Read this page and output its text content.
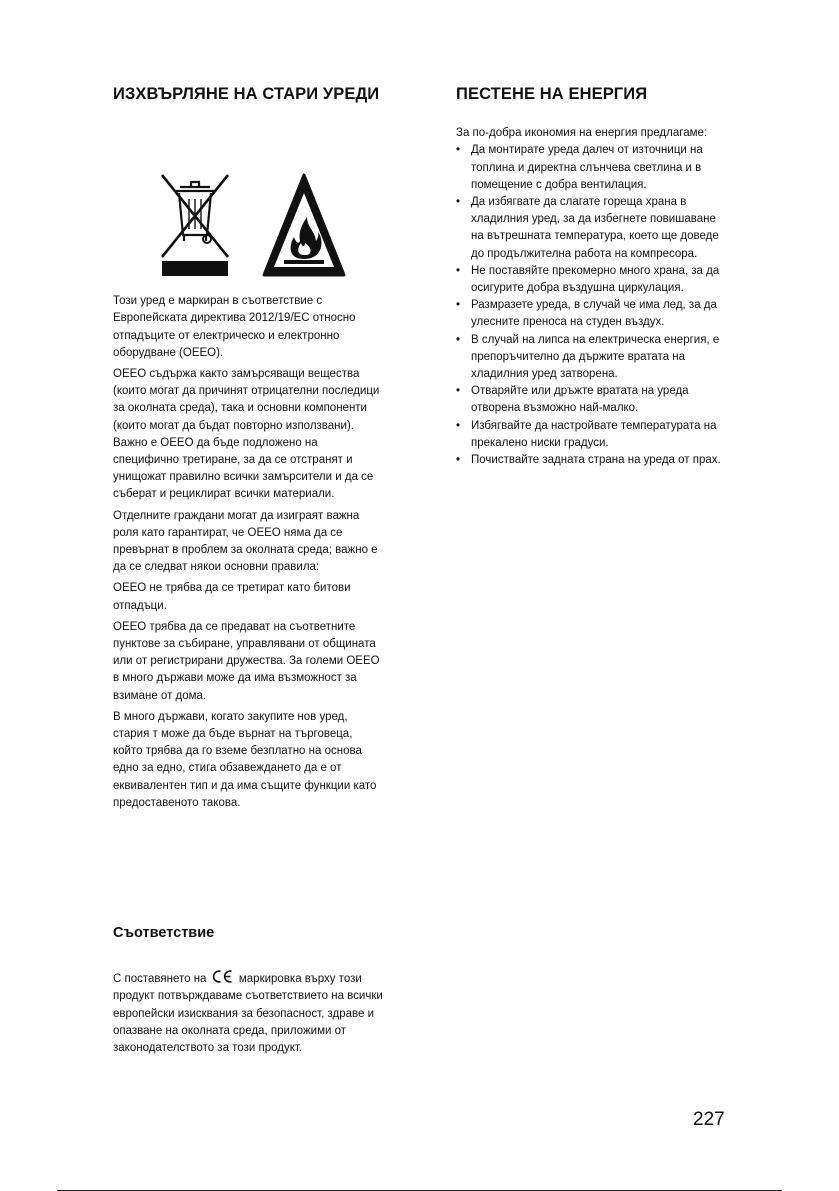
ИЗХВЪРЛЯНЕ НА СТАРИ УРЕДИ

Този уред е маркиран в съответствие с Европейската директива 2012/19/ЕС относно отпадъците от електрическо и електронно оборудване (ОЕЕО).

ОЕЕО съдържа както замърсяващи вещества (които могат да причинят отрицателни последици за околната среда), така и основни компоненти (които могат да бъдат повторно използвани). Важно е ОЕЕО да бъде подложено на специфично третиране, за да се отстранят и унищожат правилно всички замърсители и да се съберат и рециклират всички материали.

Отделните граждани могат да изиграят важна роля като гарантират, че ОЕЕО няма да се превърнат в проблем за околната среда; важно е да се следват някои основни правила:

ОЕЕО не трябва да се третират като битови отпадъци.

ОЕЕО трябва да се предават на съответните пунктове за събиране, управлявани от общината или от регистрирани дружества. За големи ОЕЕО в много държави може да има възможност за взимане от дома.

В много държави, когато закупите нов уред, стария т може да бъде върнат на търговеца, който трябва да го вземе безплатно на основа едно за едно, стига обзавеждането да е от еквивалентен тип и да има същите функции като предоставеното такова.

ПЕСТЕНЕ НА ЕНЕРГИЯ

За по-добра икономия на енергия предлагаме:

• Да монтирате уреда далеч от източници на топлина и директна слънчева светлина и в помещение с добра вентилация.
• Да избягвате да слагате гореща храна в хладилния уред, за да избегнете повишаване на вътрешната температура, което ще доведе до продължителна работа на компресора.
• Не поставяйте прекомерно много храна, за да осигурите добра въздушна циркулация.
• Размразете уреда, в случай че има лед, за да улесните преноса на студен въздух.
• В случай на липса на електрическа енергия, е препоръчително да държите вратата на хладилния уред затворена.
• Отваряйте или дръжте вратата на уреда отворена възможно най-малко.
• Избягвайте да настройвате температурата на прекалено ниски градуси.
• Почиствайте задната страна на уреда от прах.
Съответствие

С поставянето на	маркировка върху този продукт потвърждаваме съответствието на всички европейски изисквания за безопасност, здраве и опазване на околната среда, приложими от законодателството за този продукт.

227
